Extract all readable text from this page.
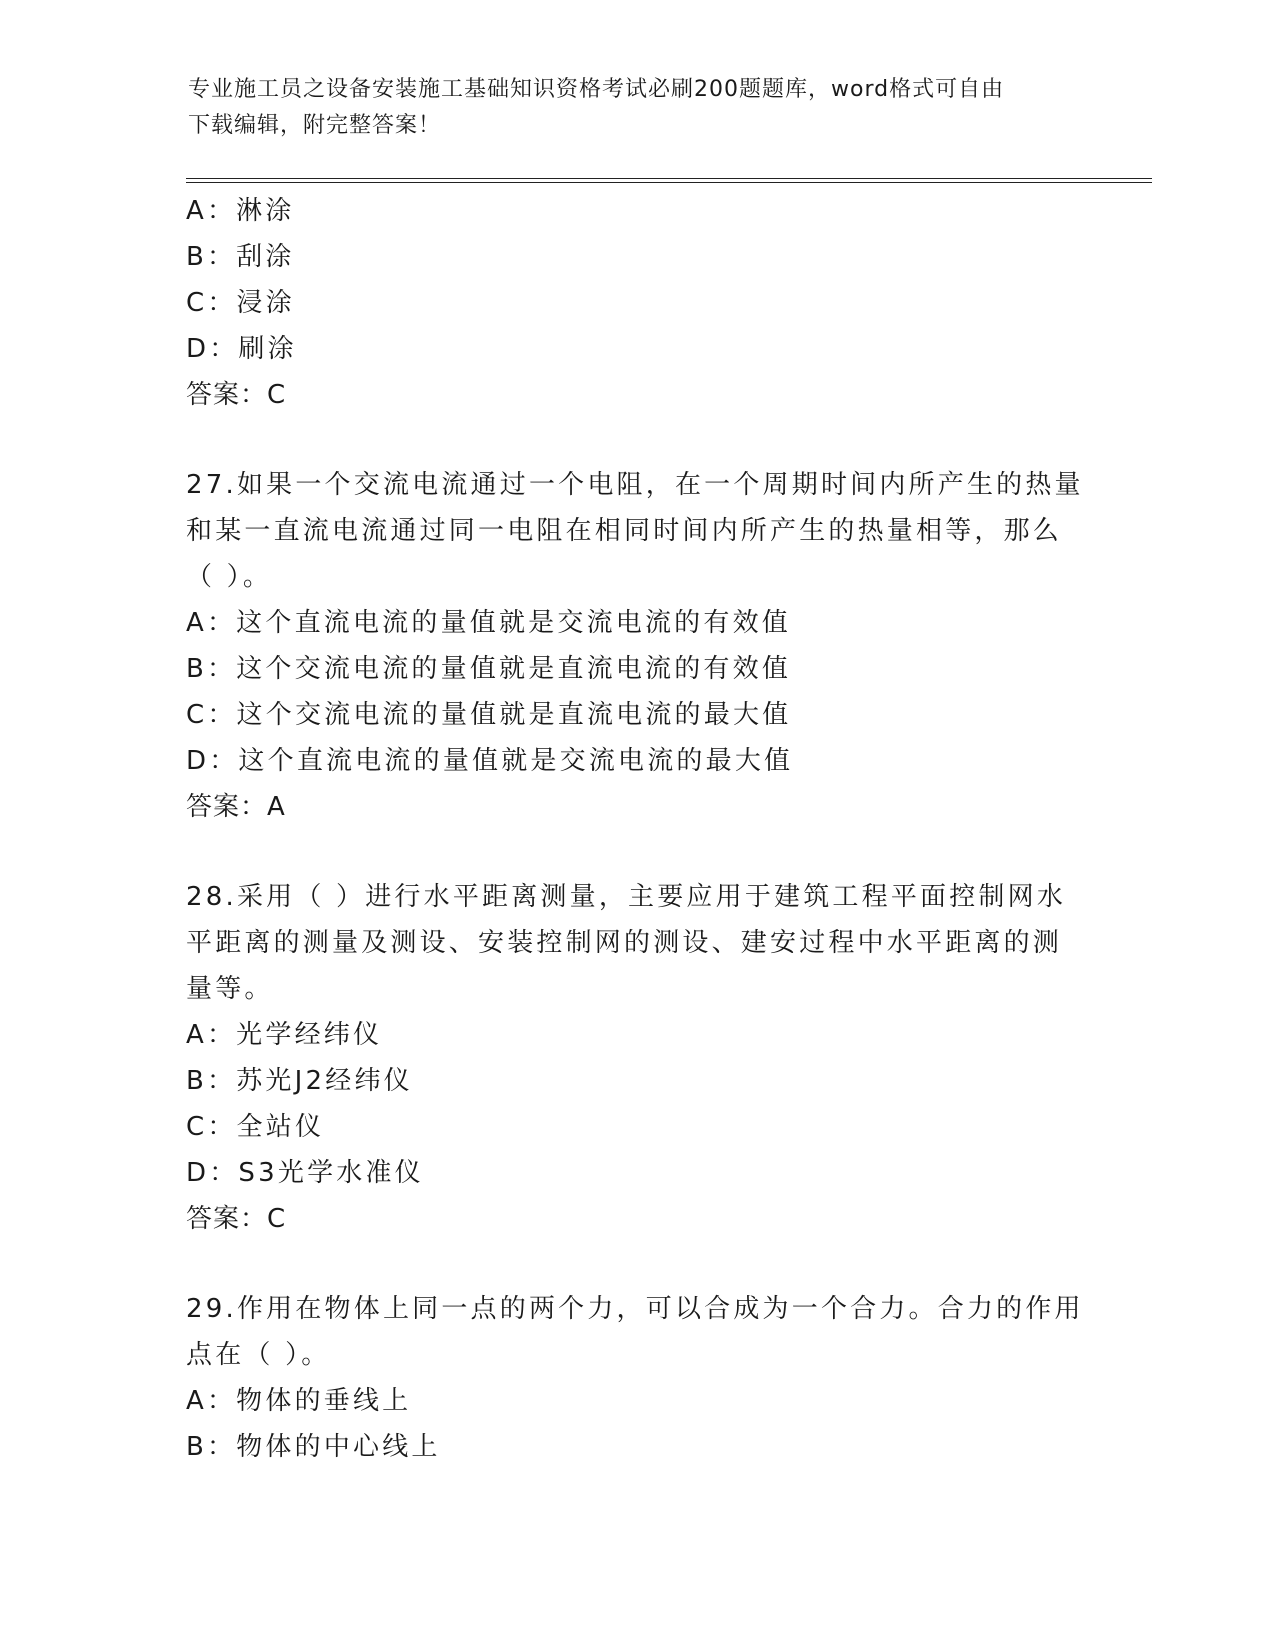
专业施工员之设备安装施工基础知识资格考试必刷200题题库，word格式可自由
下载编辑，附完整答案！
A：淋涂
B：刮涂
C：浸涂
D：刷涂
答案：C
27.如果一个交流电流通过一个电阻，在一个周期时间内所产生的热量
和某一直流电流通过同一电阻在相同时间内所产生的热量相等，那么
（ ）。
A：这个直流电流的量值就是交流电流的有效值
B：这个交流电流的量值就是直流电流的有效值
C：这个交流电流的量值就是直流电流的最大值
D：这个直流电流的量值就是交流电流的最大值
答案：A
28.采用（ ）进行水平距离测量，主要应用于建筑工程平面控制网水
平距离的测量及测设、安装控制网的测设、建安过程中水平距离的测
量等。
A：光学经纬仪
B：苏光J2经纬仪
C：全站仪
D：S3光学水准仪
答案：C
29.作用在物体上同一点的两个力，可以合成为一个合力。合力的作用
点在（ ）。
A：物体的垂线上
B：物体的中心线上
